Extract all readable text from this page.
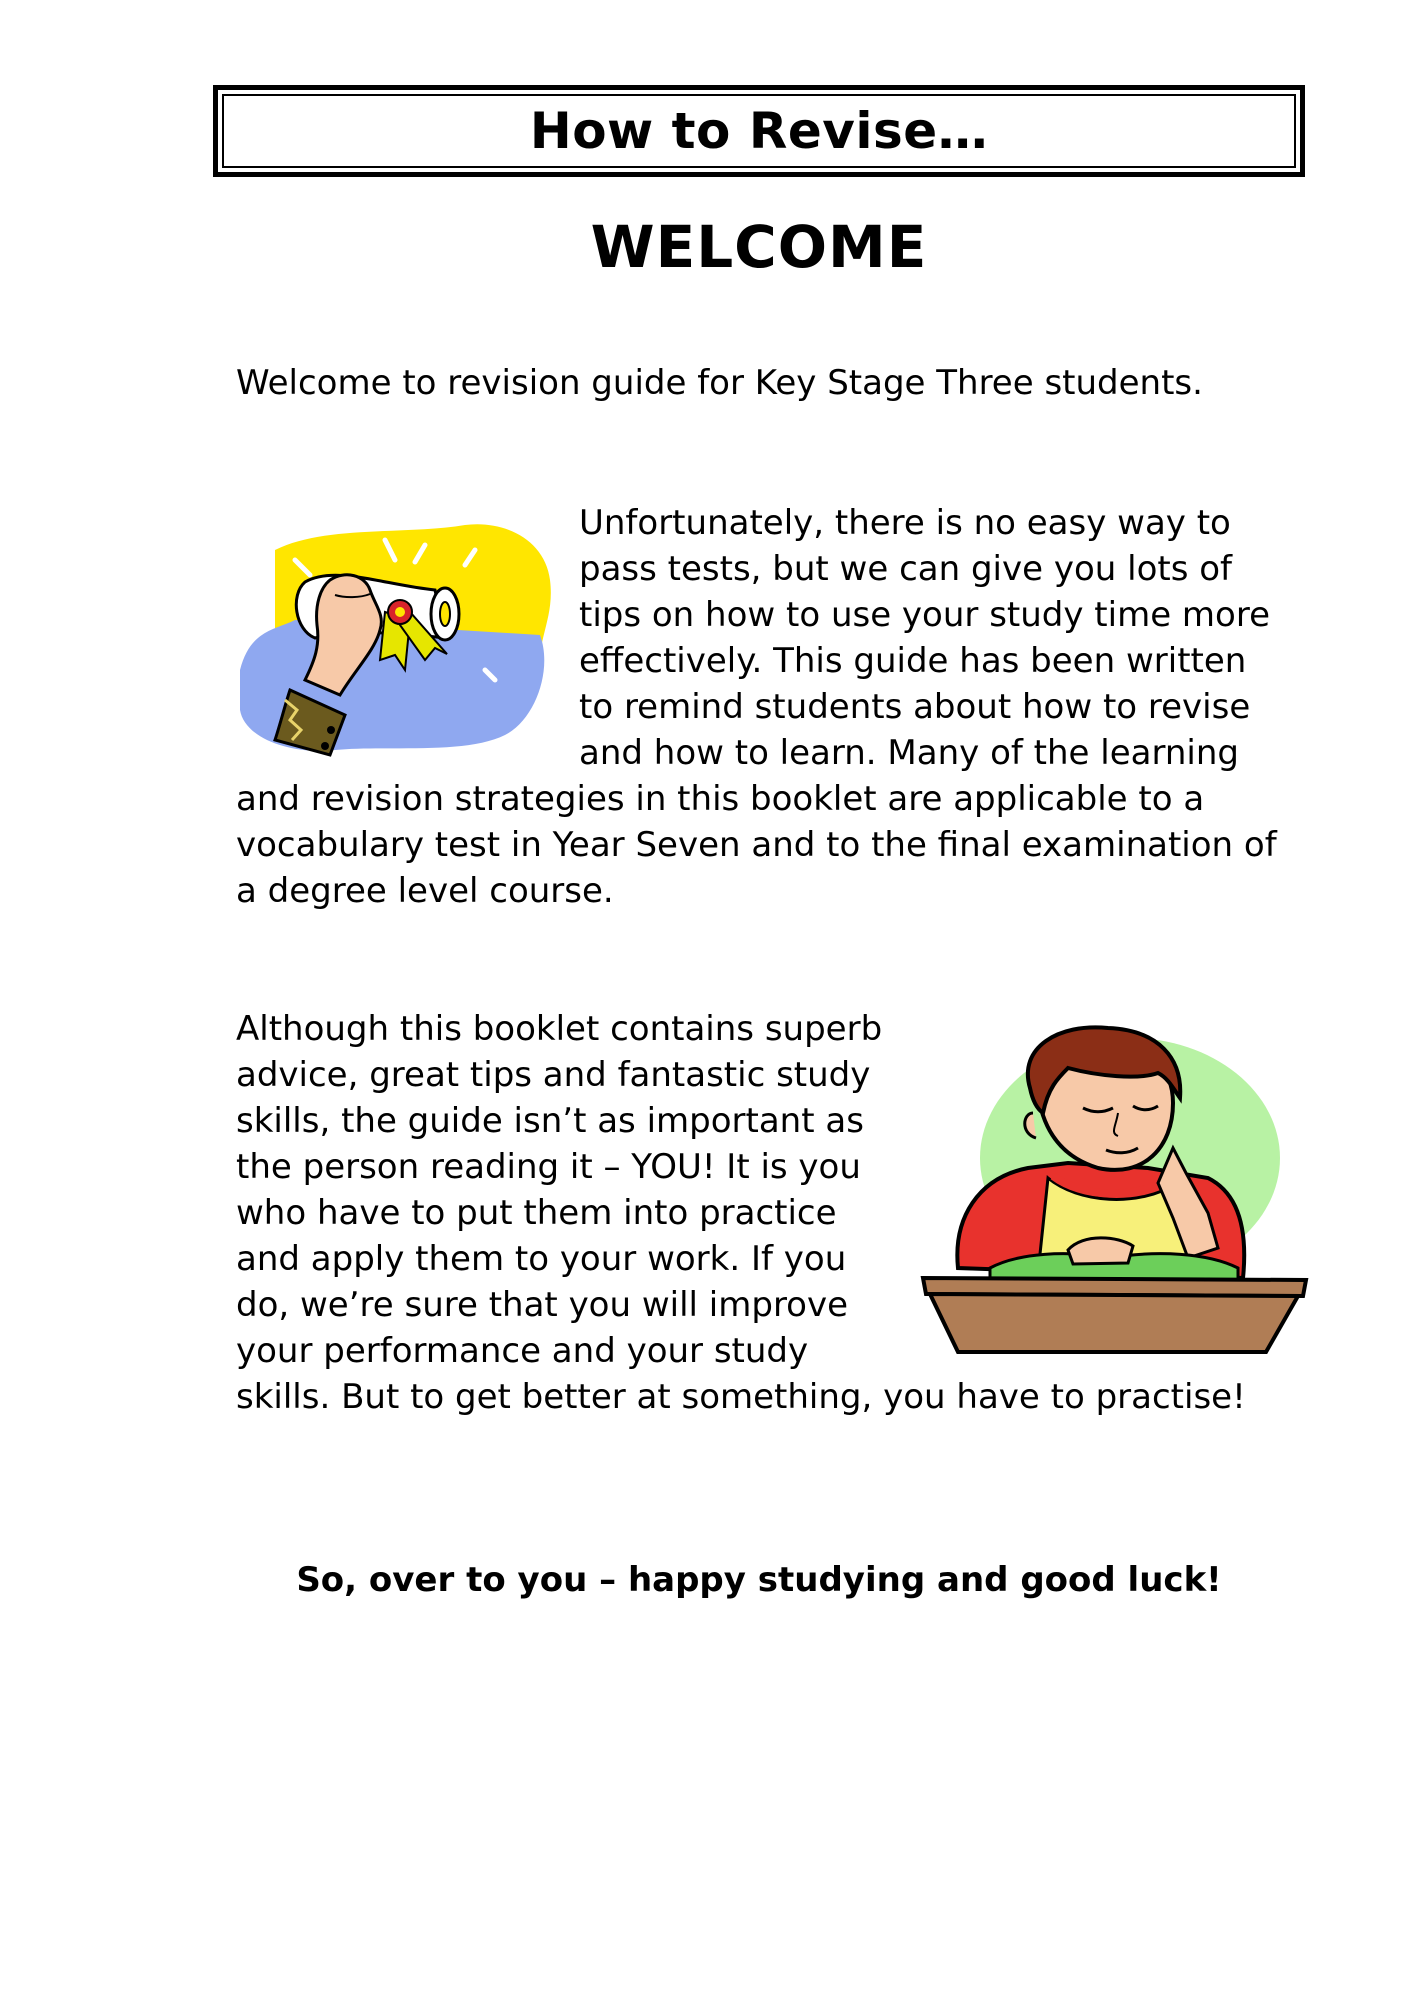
How to Revise…
WELCOME
Welcome to revision guide for Key Stage Three students.
Unfortunately, there is no easy way to
pass tests, but we can give you lots of
tips on how to use your study time more
effectively. This guide has been written
to remind students about how to revise
and how to learn. Many of the learning
and revision strategies in this booklet are applicable to a
vocabulary test in Year Seven and to the final examination of
a degree level course.
Although this booklet contains superb
advice, great tips and fantastic study
skills, the guide isn’t as important as
the person reading it – YOU! It is you
who have to put them into practice
and apply them to your work. If you
do, we’re sure that you will improve
your performance and your study
skills. But to get better at something, you have to practise!
So, over to you – happy studying and good luck!
